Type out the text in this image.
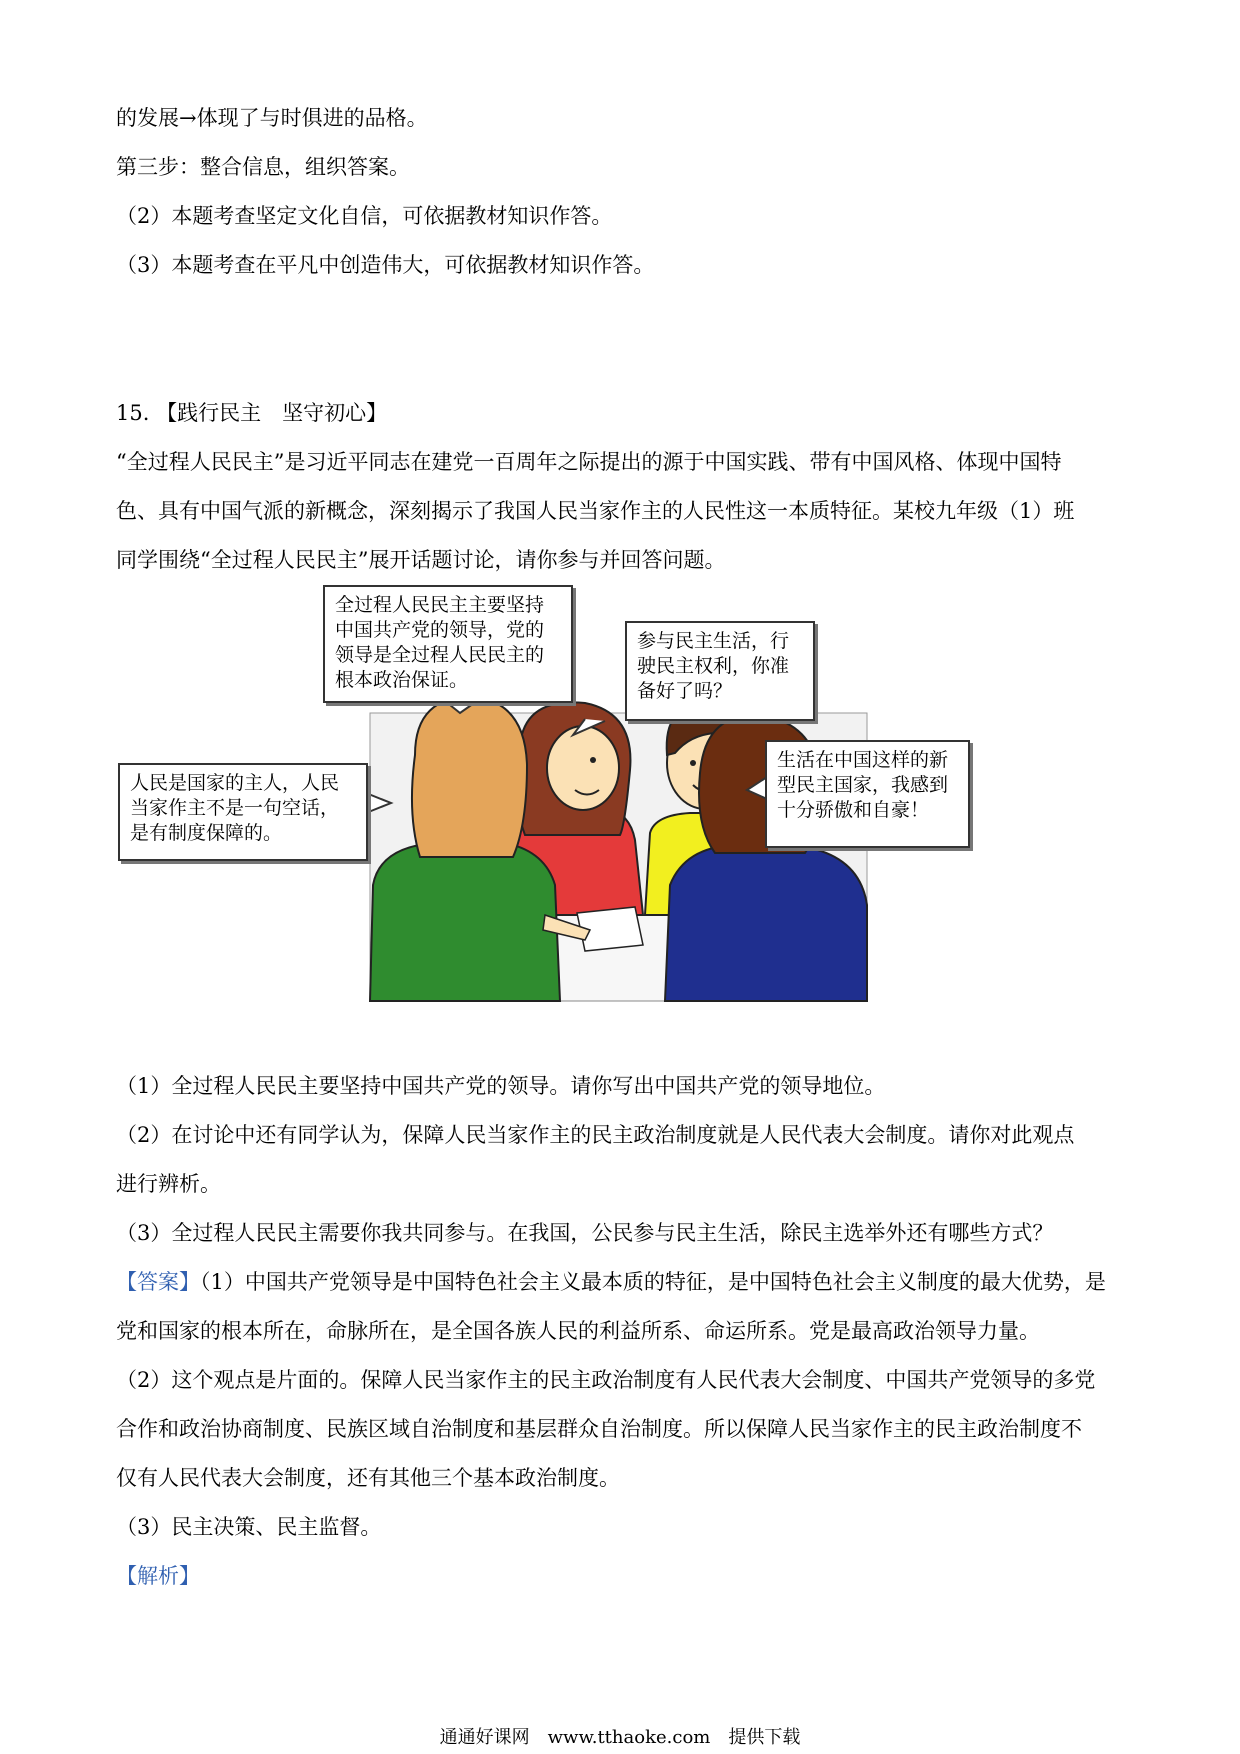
的发展→体现了与时俱进的品格。

第三步：整合信息，组织答案。

（2）本题考查坚定文化自信，可依据教材知识作答。

（3）本题考查在平凡中创造伟大，可依据教材知识作答。

15. 【践行民主　坚守初心】

“全过程人民民主”是习近平同志在建党一百周年之际提出的源于中国实践、带有中国风格、体现中国特

色、具有中国气派的新概念，深刻揭示了我国人民当家作主的人民性这一本质特征。某校九年级（1）班

同学围绕“全过程人民民主”展开话题讨论，请你参与并回答问题。

全过程人民民主主要坚持

中国共产党的领导，党的

领导是全过程人民民主的

根本政治保证。

参与民主生活，行

驶民主权利，你准

备好了吗？

人民是国家的主人，人民

当家作主不是一句空话，

是有制度保障的。

生活在中国这样的新

型民主国家，我感到

十分骄傲和自豪！

（1）全过程人民民主要坚持中国共产党的领导。请你写出中国共产党的领导地位。

（2）在讨论中还有同学认为，保障人民当家作主的民主政治制度就是人民代表大会制度。请你对此观点

进行辨析。

（3）全过程人民民主需要你我共同参与。在我国，公民参与民主生活，除民主选举外还有哪些方式？

【答案】（1）中国共产党领导是中国特色社会主义最本质的特征，是中国特色社会主义制度的最大优势，是

党和国家的根本所在，命脉所在，是全国各族人民的利益所系、命运所系。党是最高政治领导力量。

（2）这个观点是片面的。保障人民当家作主的民主政治制度有人民代表大会制度、中国共产党领导的多党

合作和政治协商制度、民族区域自治制度和基层群众自治制度。所以保障人民当家作主的民主政治制度不

仅有人民代表大会制度，还有其他三个基本政治制度。

（3）民主决策、民主监督。

【解析】

通通好课网　www.tthaoke.com　提供下载
